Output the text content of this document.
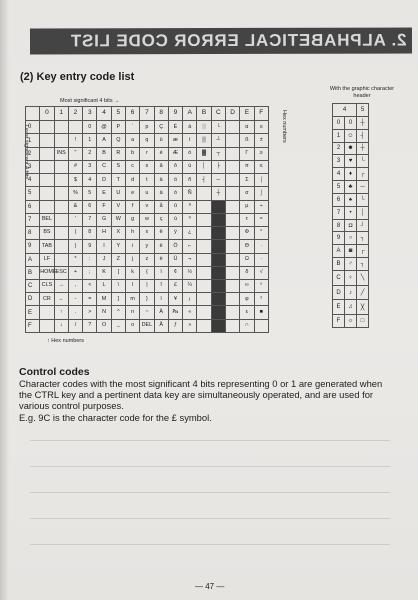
2. ALPHABETICAL ERROR CODE LIST
(2) Key entry code list
Most significant 4 bits →
With the graphic character header
Least significant 4 bits →	Hex numbers
	0	1	2	3	4	5	6	7	8	9	A	B	C	D	E	F
0				0	@	P	`	p	Ç	É	á	░	└		α	≡
1			!	1	A	Q	a	q	ü	æ	í	▒	┴		ß	±
2		INS	"	2	B	R	b	r	é	Æ	ó	▓	┬		Γ	≥
3			#	3	C	S	c	s	â	ô	ú	│	├		π	≤
4			$	4	D	T	d	t	ä	ö	ñ	┤	─		Σ	⌠
5			%	5	E	U	e	u	à	ò	Ñ		┼		σ	⌡
6			&	6	F	V	f	v	å	û	ª				µ	÷
7	BEL		'	7	G	W	g	w	ç	ù	º				τ	≈
8	BS		(	8	H	X	h	x	ê	ÿ	¿				Φ	°
9	TAB		)	9	I	Y	i	y	ë	Ö	⌐				Θ	∙
A	LF		*	:	J	Z	j	z	è	Ü	¬				Ω	·
B	HOME	ESC	+	;	K	[	k	{	ï	¢	½				δ	√
C	CLS	→	,	<	L	\	l	|	î	£	¼				∞	ⁿ
D	CR	←	-	=	M	]	m	}	ì	¥	¡				φ	²
E		↑	.	>	N	^	n	~	Ä	₧	«				ε	■
F		↓	/	?	O	_	o	DEL	Å	ƒ	»				∩	
4		5
0	0	┼
1	☺	┤
2	☻	┼
3	♥	└
4	♦	┌
5	♣	─
6	♠	└
7	•	│
8	◘	┘
9	○	┐
A	◙	┌
B	♂	┐
C	♀	╲
D	♪	╱
E	♫	╳
F	☼	□
↑ Hex numbers
Control codes

Character codes with the most significant 4 bits representing 0 or 1 are generated when the CTRL key and a pertinent data key are simultaneously operated, and are used for various control purposes.

E.g. 9C is the character code for the £ symbol.

— 47 —
